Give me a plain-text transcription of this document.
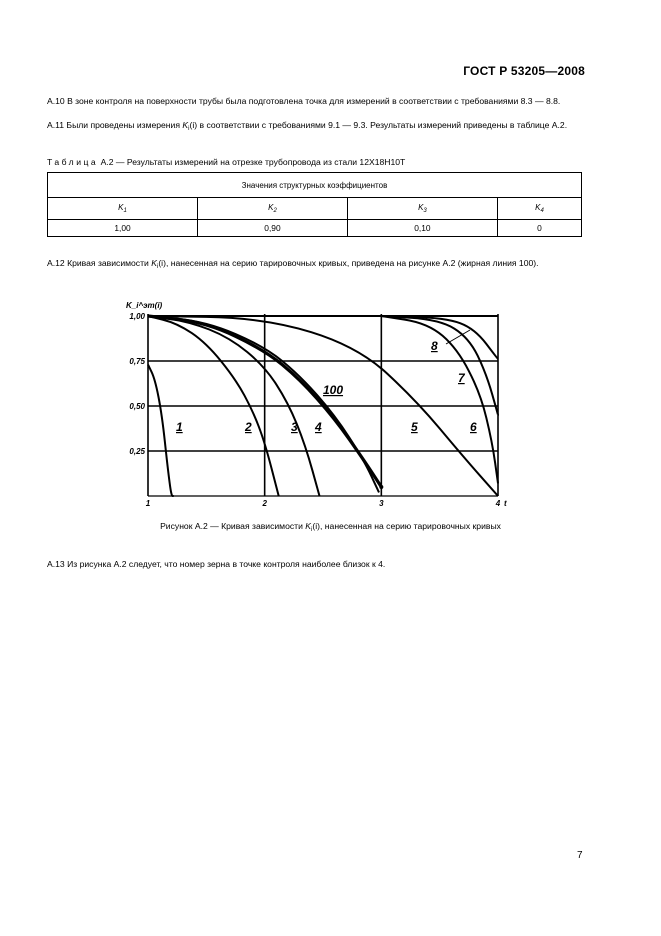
ГОСТ Р 53205—2008
А.10 В зоне контроля на поверхности трубы была подготовлена точка для измерений в соответствии с требованиями 8.3 — 8.8.
А.11 Были проведены измерения $K_i(i)$ в соответствии с требованиями 9.1 — 9.3. Результаты измерений приведены в таблице А.2.
Таблица А.2 — Результаты измерений на отрезке трубопровода из стали 12Х18Н10Т
Значения структурных коэффициентов			
$K_1$	$K_2$	$K_3$	$K_4$
1,00	0,90	0,10	0
А.12 Кривая зависимости $K_i(i)$, нанесенная на серию тарировочных кривых, приведена на рисунке А.2 (жирная линия 100).
1,00
0,75
0,50
0,25
1	2	3	4 t
K_i^эт(i)
1	2	3 4
100
5	6
7
8
Рисунок А.2 — Кривая зависимости $K_i(i)$, нанесенная на серию тарировочных кривых
А.13 Из рисунка А.2 следует, что номер зерна в точке контроля наиболее близок к 4.
7
